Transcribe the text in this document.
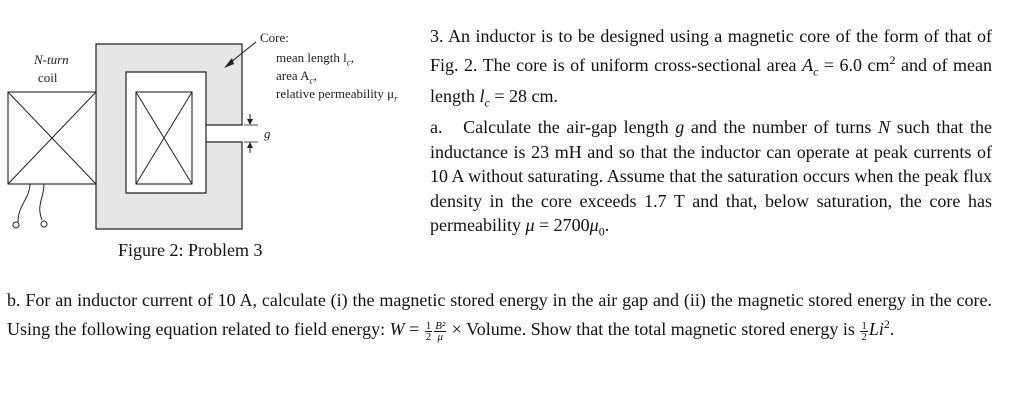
N-turn
coil
Core:
mean length $l_c$,
area $A_c$,
relative permeability $\mu_r$
g
Figure 2: Problem 3

3. An inductor is to be designed using a magnetic core of the form of that of Fig. 2. The core is of uniform cross-sectional area $A_c = 6.0$ $cm^2$ and of mean length $l_c = 28$ cm.

a. Calculate the air-gap length g and the number of turns N such that the inductance is 23 mH and so that the inductor can operate at peak currents of 10 A without saturating. Assume that the saturation occurs when the peak flux density in the core exceeds 1.7 T and that, below saturation, the core has permeability $\mu = 2700\mu_0$.

b. For an inductor current of 10 A, calculate (i) the magnetic stored energy in the air gap and (ii) the magnetic stored energy in the core. Using the following equation related to field energy: $W = \frac{1}{2} \frac{\text{B²}}{\mu}$ × Volume. Show that the total magnetic stored energy is $\frac{1}{2} Li^2$.
